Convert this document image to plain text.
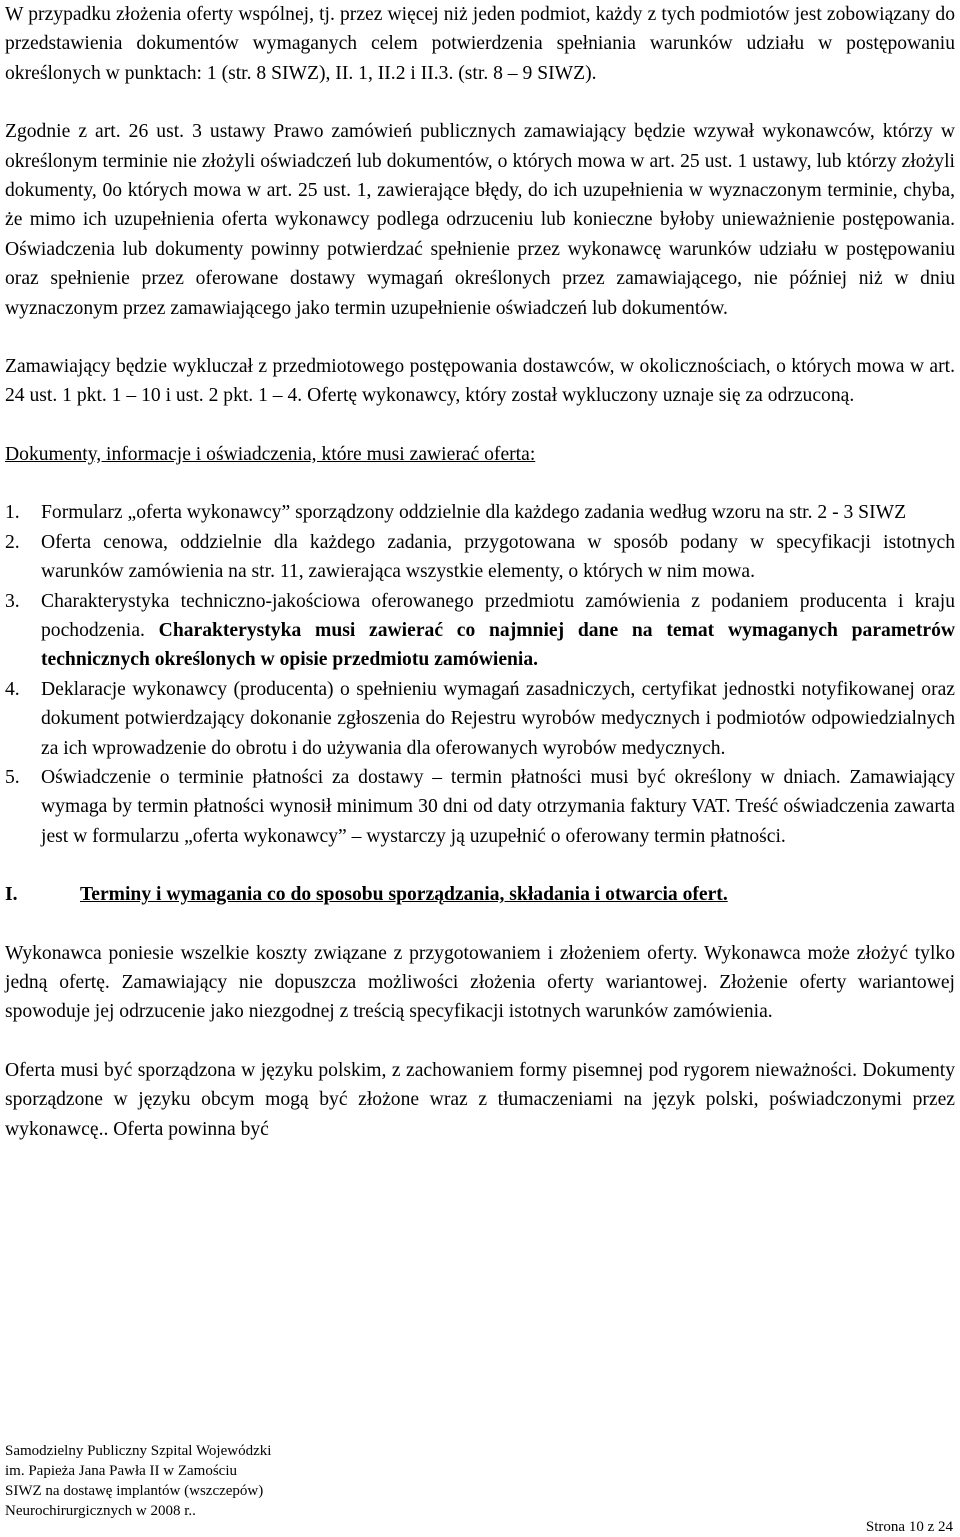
W przypadku złożenia oferty wspólnej, tj. przez więcej niż jeden podmiot, każdy z tych podmiotów jest zobowiązany do przedstawienia dokumentów wymaganych celem potwierdzenia spełniania warunków udziału w postępowaniu określonych w punktach: 1 (str. 8 SIWZ), II. 1, II.2 i II.3. (str. 8 – 9 SIWZ).

Zgodnie z art. 26 ust. 3 ustawy Prawo zamówień publicznych zamawiający będzie wzywał wykonawców, którzy w określonym terminie nie złożyli oświadczeń lub dokumentów, o których mowa w art. 25 ust. 1 ustawy, lub którzy złożyli dokumenty, 0o których mowa w art. 25 ust. 1, zawierające błędy, do ich uzupełnienia w wyznaczonym terminie, chyba, że mimo ich uzupełnienia oferta wykonawcy podlega odrzuceniu lub konieczne byłoby unieważnienie postępowania. Oświadczenia lub dokumenty powinny potwierdzać spełnienie przez wykonawcę warunków udziału w postępowaniu oraz spełnienie przez oferowane dostawy wymagań określonych przez zamawiającego, nie później niż w dniu wyznaczonym przez zamawiającego jako termin uzupełnienie oświadczeń lub dokumentów.

Zamawiający będzie wykluczał z przedmiotowego postępowania dostawców, w okolicznościach, o których mowa w art. 24 ust. 1 pkt. 1 – 10 i ust. 2 pkt. 1 – 4. Ofertę wykonawcy, który został wykluczony uznaje się za odrzuconą.

Dokumenty, informacje i oświadczenia, które musi zawierać oferta:

1. Formularz „oferta wykonawcy” sporządzony oddzielnie dla każdego zadania według wzoru na str. 2 - 3 SIWZ
2. Oferta cenowa, oddzielnie dla każdego zadania, przygotowana w sposób podany w specyfikacji istotnych warunków zamówienia na str. 11, zawierająca wszystkie elementy, o których w nim mowa.
3. Charakterystyka techniczno-jakościowa oferowanego przedmiotu zamówienia z podaniem producenta i kraju pochodzenia. Charakterystyka musi zawierać co najmniej dane na temat wymaganych parametrów technicznych określonych w opisie przedmiotu zamówienia.
4. Deklaracje wykonawcy (producenta) o spełnieniu wymagań zasadniczych, certyfikat jednostki notyfikowanej oraz dokument potwierdzający dokonanie zgłoszenia do Rejestru wyrobów medycznych i podmiotów odpowiedzialnych za ich wprowadzenie do obrotu i do używania dla oferowanych wyrobów medycznych.
5. Oświadczenie o terminie płatności za dostawy – termin płatności musi być określony w dniach. Zamawiający wymaga by termin płatności wynosił minimum 30 dni od daty otrzymania faktury VAT. Treść oświadczenia zawarta jest w formularzu „oferta wykonawcy” – wystarczy ją uzupełnić o oferowany termin płatności.

I.	Terminy i wymagania co do sposobu sporządzania, składania i otwarcia ofert.

Wykonawca poniesie wszelkie koszty związane z przygotowaniem i złożeniem oferty. Wykonawca może złożyć tylko jedną ofertę. Zamawiający nie dopuszcza możliwości złożenia oferty wariantowej. Złożenie oferty wariantowej spowoduje jej odrzucenie jako niezgodnej z treścią specyfikacji istotnych warunków zamówienia.

Oferta musi być sporządzona w języku polskim, z zachowaniem formy pisemnej pod rygorem nieważności. Dokumenty sporządzone w języku obcym mogą być złożone wraz z tłumaczeniami na język polski, poświadczonymi przez wykonawcę.. Oferta powinna być

Samodzielny Publiczny Szpital Wojewódzki
im. Papieża Jana Pawła II w Zamościu
SIWZ na dostawę implantów (wszczepów)
Neurochirurgicznych w 2008 r..
Strona 10 z 24
